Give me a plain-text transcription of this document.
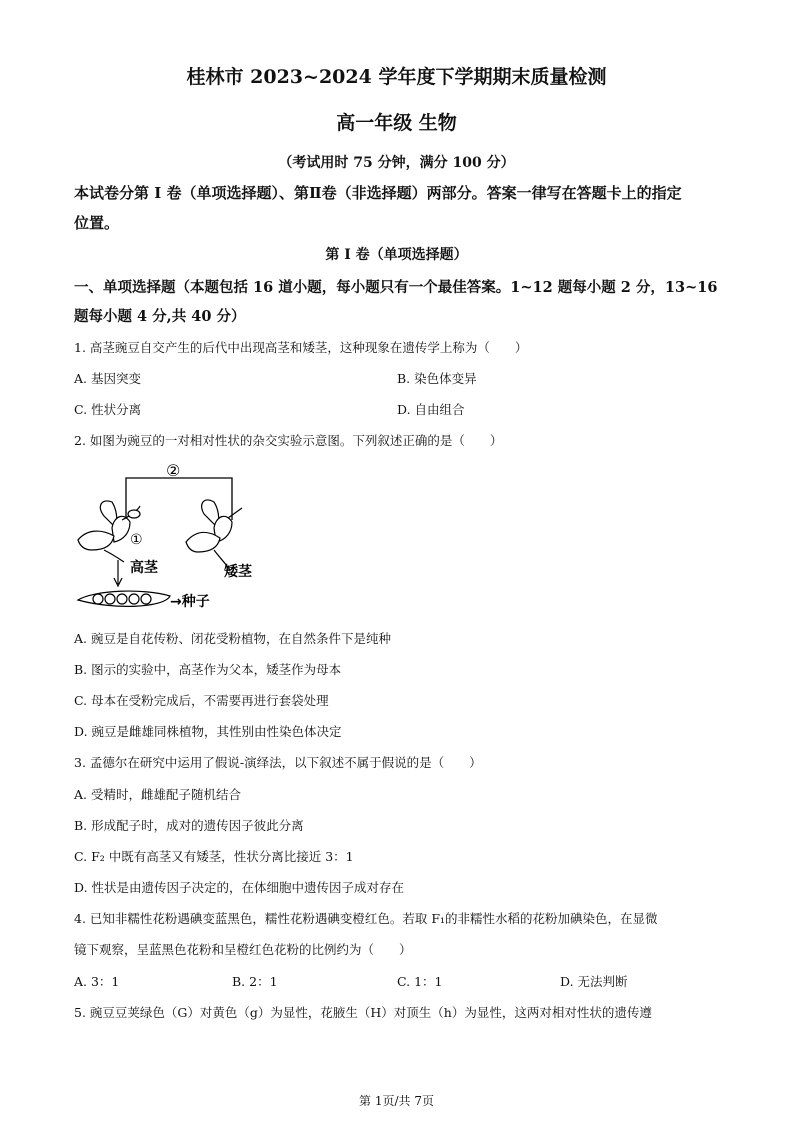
桂林市 2023~2024 学年度下学期期末质量检测
高一年级 生物
（考试用时 75 分钟，满分 100 分）
本试卷分第 I 卷（单项选择题）、第Ⅱ卷（非选择题）两部分。答案一律写在答题卡上的指定
位置。
第 I 卷（单项选择题）
一、单项选择题（本题包括 16 道小题，每小题只有一个最佳答案。1~12 题每小题 2 分，13~16
题每小题 4 分,共 40 分）
1. 高茎豌豆自交产生的后代中出现高茎和矮茎，这种现象在遗传学上称为（　　）
A. 基因突变	B. 染色体变异
C. 性状分离	D. 自由组合
2. 如图为豌豆的一对相对性状的杂交实验示意图。下列叙述正确的是（　　）
②
①
高茎	矮茎
→种子
A. 豌豆是自花传粉、闭花受粉植物，在自然条件下是纯种
B. 图示的实验中，高茎作为父本，矮茎作为母本
C. 母本在受粉完成后，不需要再进行套袋处理
D. 豌豆是雌雄同株植物，其性别由性染色体决定
3. 孟德尔在研究中运用了假说-演绎法，以下叙述不属于假说的是（　　）
A. 受精时，雌雄配子随机结合
B. 形成配子时，成对的遗传因子彼此分离
C. F₂ 中既有高茎又有矮茎，性状分离比接近 3：1
D. 性状是由遗传因子决定的，在体细胞中遗传因子成对存在
4. 已知非糯性花粉遇碘变蓝黑色，糯性花粉遇碘变橙红色。若取 F₁的非糯性水稻的花粉加碘染色，在显微
镜下观察，呈蓝黑色花粉和呈橙红色花粉的比例约为（　　）
A. 3：1	B. 2：1	C. 1：1	D. 无法判断
5. 豌豆豆荚绿色（G）对黄色（g）为显性，花腋生（H）对顶生（h）为显性，这两对相对性状的遗传遵
第 1页/共 7页
